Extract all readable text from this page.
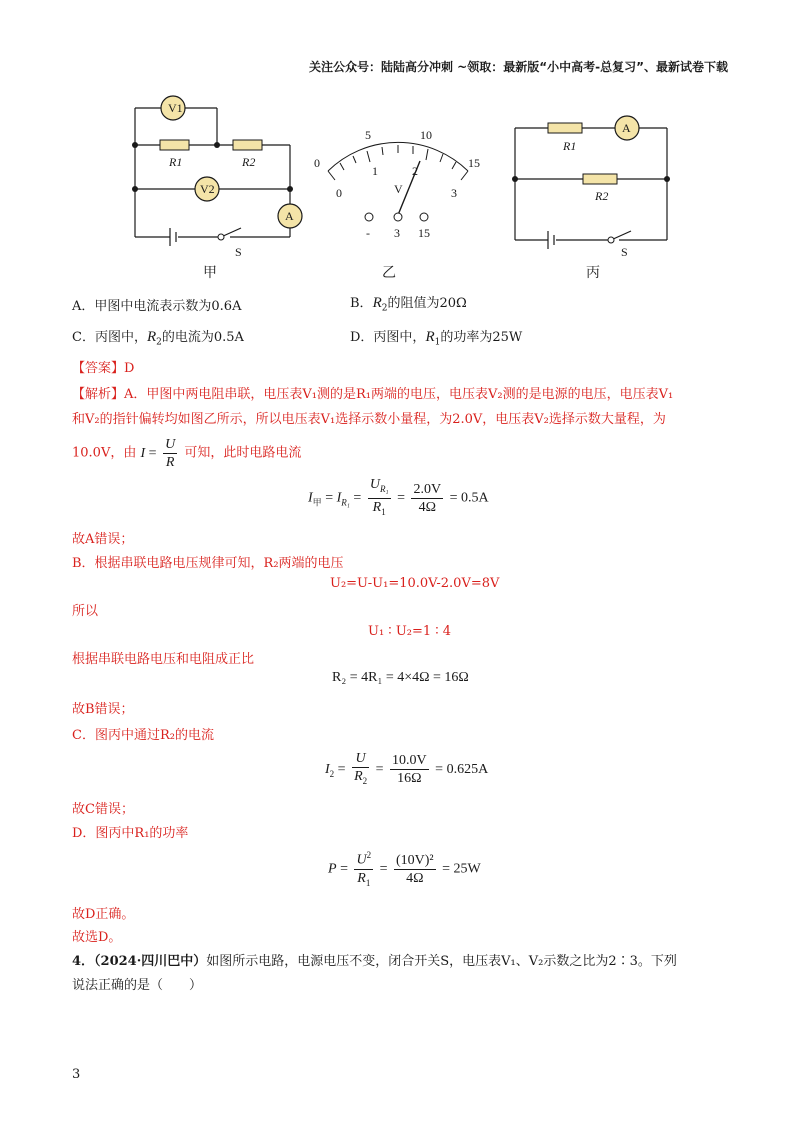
关注公众号：陆陆高分冲刺 ~领取：最新版“小中高考-总复习”、最新试卷下载
V1
V2
A
R1	R2
S
甲
0
5	10
15
0
1	2
3
V
- 3 15
乙
A
R1
R2
S
丙
A．甲图中电流表示数为0.6A	B．$R_2$的阻值为20Ω
C．丙图中，$R_2$的电流为0.5A	D．丙图中，$R_1$的功率为25W
【答案】D
【解析】A．甲图中两电阻串联，电压表V₁测的是R₁两端的电压，电压表V₂测的是电源的电压，电压表V₁
和V₂的指针偏转均如图乙所示，所以电压表V₁选择示数小量程，为2.0V，电压表V₂选择示数大量程，为
10.0V，由 $I = \frac{U}{R}$ 可知，此时电路电流
$I_甲 = I_{R_1} = \frac{U_{R_1}}{R_1} = \frac{2.0V}{4\Omega} = 0.5A$
故A错误；
B．根据串联电路电压规律可知，R₂两端的电压
U₂=U-U₁=10.0V-2.0V=8V
所以
U₁ ∶ U₂=1 ∶ 4
根据串联电路电压和电阻成正比
R₂ = 4R₁ = 4×4Ω = 16Ω
故B错误；
C．图丙中通过R₂的电流
$I_2 = \frac{U}{R_2} = \frac{10.0V}{16\Omega} = 0.625A$
故C错误；
D．图丙中R₁的功率
$P = \frac{U^2}{R_1} = \frac{\text{(10V)²}}{4\Omega} = 25W$
故D正确。
故选D。
4．（2024·四川巴中）如图所示电路，电源电压不变，闭合开关S，电压表V₁、V₂示数之比为2∶3。下列
说法正确的是（　　）
3
